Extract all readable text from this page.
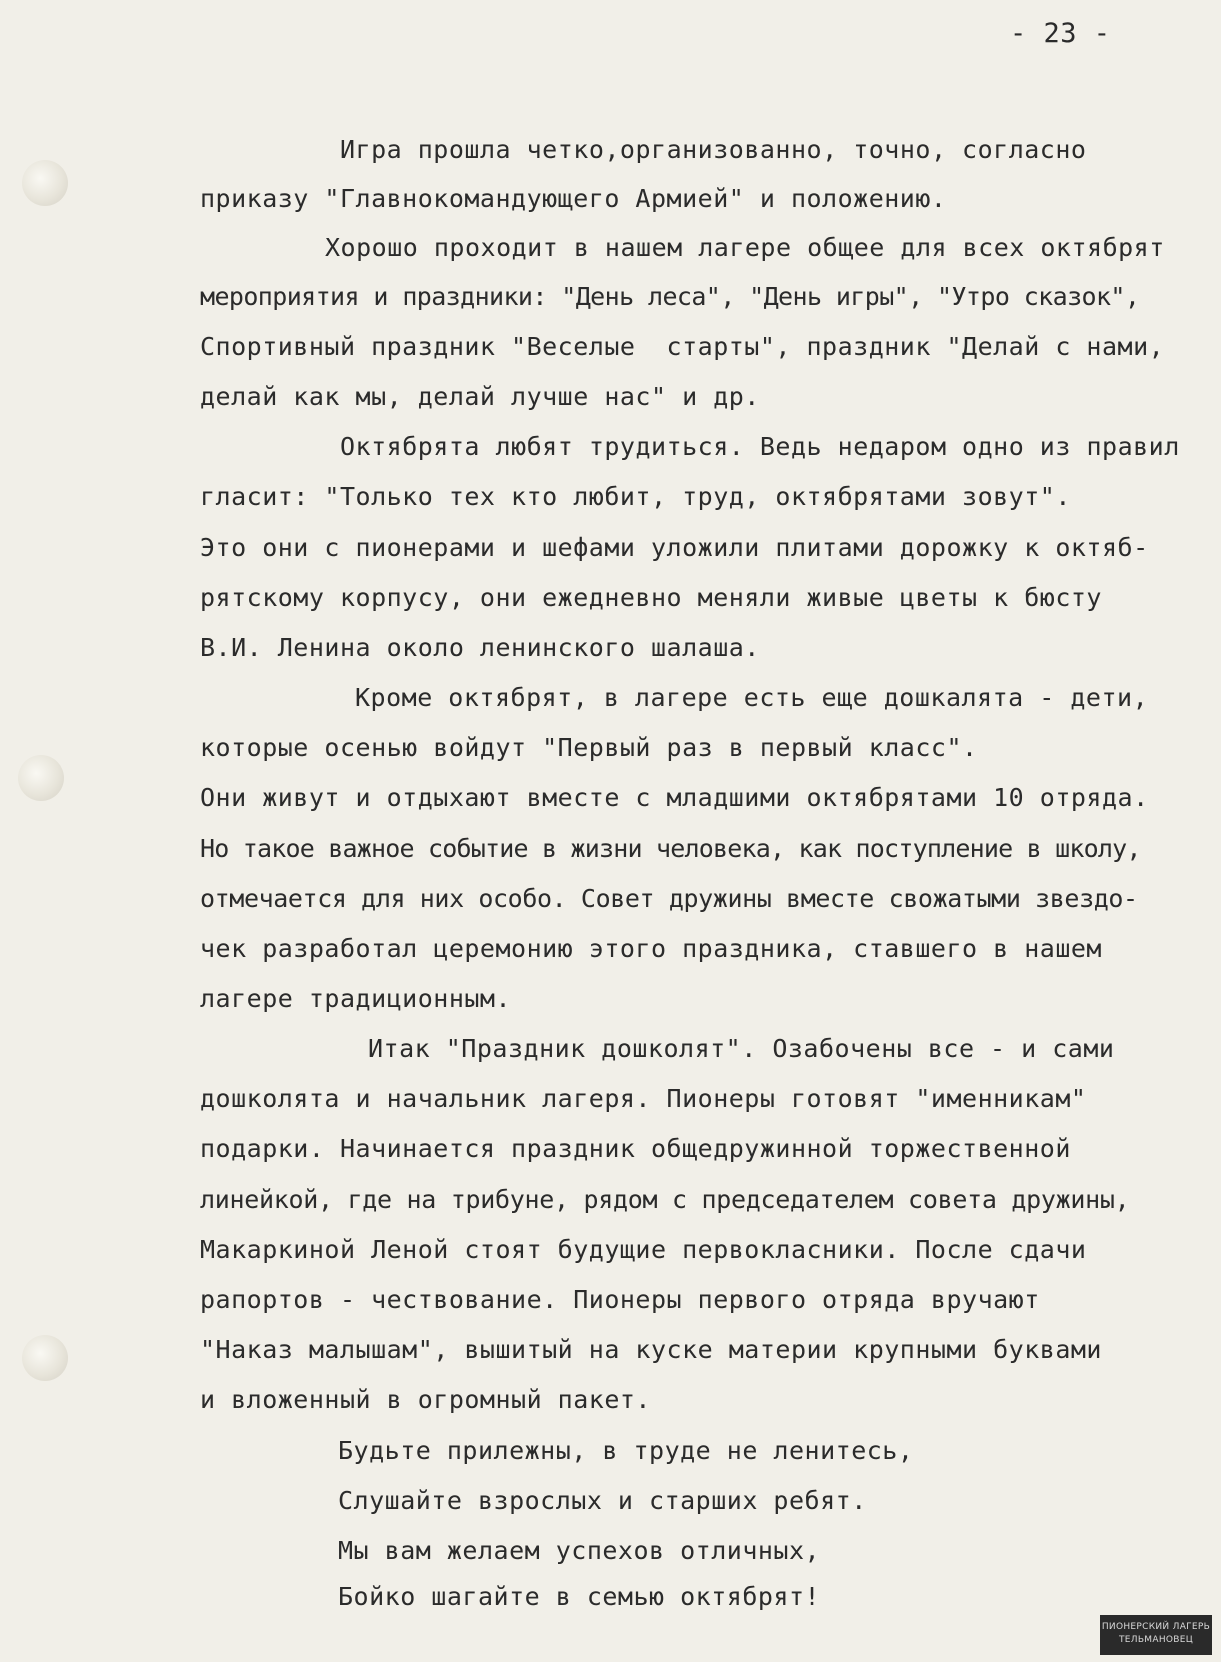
- 23 -
Игра прошла четко,организованно, точно, согласно
приказу "Главнокомандующего Армией" и положению.
Хорошо проходит в нашем лагере общее для всех октябрят
мероприятия и праздники: "День леса", "День игры", "Утро сказок",
Спортивный праздник "Веселые  старты", праздник "Делай с нами,
делай как мы, делай лучше нас" и др.
Октябрята любят трудиться. Ведь недаром одно из правил
гласит: "Только тех кто любит, труд, октябрятами зовут".
Это они с пионерами и шефами уложили плитами дорожку к октяб-
рятскому корпусу, они ежедневно меняли живые цветы к бюсту
В.И. Ленина около ленинского шалаша.
Кроме октябрят, в лагере есть еще дошкалята - дети,
которые осенью войдут "Первый раз в первый класс".
Они живут и отдыхают вместе с младшими октябрятами 10 отряда.
Но такое важное событие в жизни человека, как поступление в школу,
отмечается для них особо. Совет дружины вместе свожатыми звездо-
чек разработал церемонию этого праздника, ставшего в нашем
лагере традиционным.
Итак "Праздник дошколят". Озабочены все - и сами
дошколята и начальник лагеря. Пионеры готовят "именникам"
подарки. Начинается праздник общедружинной торжественной
линейкой, где на трибуне, рядом с председателем совета дружины,
Макаркиной Леной стоят будущие первокласники. После сдачи
рапортов - чествование. Пионеры первого отряда вручают
"Наказ малышам", вышитый на куске материи крупными буквами
и вложенный в огромный пакет.
Будьте прилежны, в труде не ленитесь,
Слушайте взрослых и старших ребят.
Мы вам желаем успехов отличных,
Бойко шагайте в семью октябрят!
ПИОНЕРСКИЙ ЛАГЕРЬ
ТЕЛЬМАНОВЕЦ
